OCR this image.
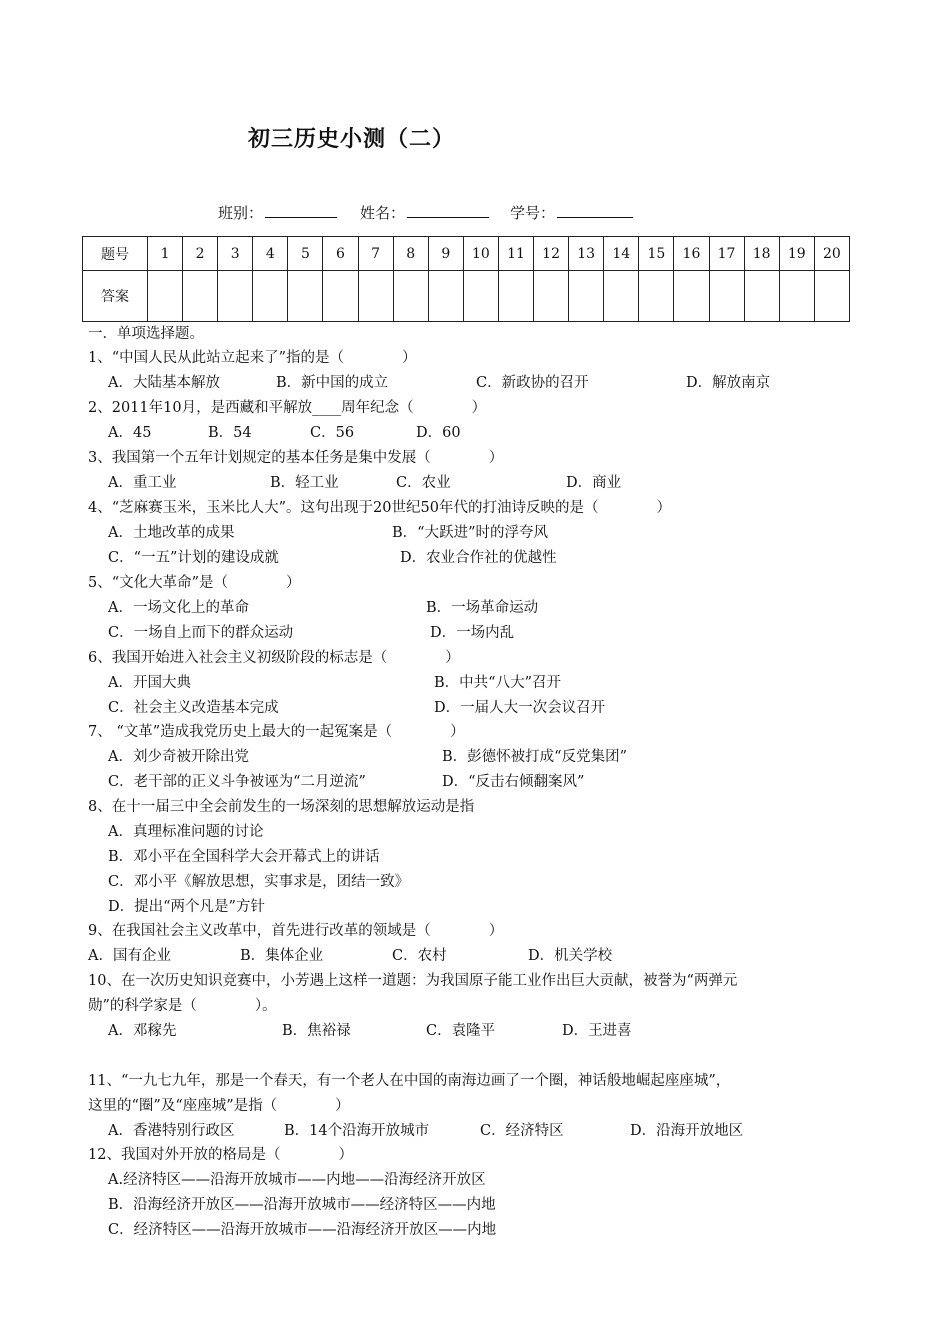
初三历史小测（二）
班别：	姓名：	学号：
题号	1	2	3	4	5	6	7	8	9	10	11	12	13	14	15	16	17	18	19	20
答案																				
一．单项选择题。
1、“中国人民从此站立起来了”指的是（　　　　）
A．大陆基本解放	B．新中国的成立	C．新政协的召开	D．解放南京
2、2011年10月，是西藏和平解放____周年纪念（　　　　）
A．45	B．54	C．56	D．60
3、我国第一个五年计划规定的基本任务是集中发展（　　　　）
A．重工业	B．轻工业	C．农业	D．商业
4、“芝麻赛玉米，玉米比人大”。这句出现于20世纪50年代的打油诗反映的是（　　　　）
A．土地改革的成果	B．“大跃进”时的浮夸风
C．“一五”计划的建设成就	D．农业合作社的优越性
5、“文化大革命”是（　　　　）
A．一场文化上的革命	B．一场革命运动
C．一场自上而下的群众运动	D．一场内乱
6、我国开始进入社会主义初级阶段的标志是（　　　　）
A．开国大典	B．中共“八大”召开
C．社会主义改造基本完成	D．一届人大一次会议召开
7、 “文革”造成我党历史上最大的一起冤案是（　　　　）
A．刘少奇被开除出党	B．彭德怀被打成“反党集团”
C．老干部的正义斗争被诬为“二月逆流”	D．“反击右倾翻案风”
8、在十一届三中全会前发生的一场深刻的思想解放运动是指
A．真理标准问题的讨论
B．邓小平在全国科学大会开幕式上的讲话
C．邓小平《解放思想，实事求是，团结一致》
D．提出“两个凡是”方针
9、在我国社会主义改革中，首先进行改革的领域是（　　　　）
A．国有企业	B．集体企业	C．农村	D．机关学校
10、在一次历史知识竞赛中，小芳遇上这样一道题：为我国原子能工业作出巨大贡献，被誉为“两弹元
勋”的科学家是（　　　　）。
A．邓稼先	B．焦裕禄	C．袁隆平	D．王进喜
11、“一九七九年，那是一个春天，有一个老人在中国的南海边画了一个圈，神话般地崛起座座城”，
这里的“圈”及“座座城”是指（　　　　）
A．香港特别行政区	B．14个沿海开放城市	C．经济特区	D．沿海开放地区
12、我国对外开放的格局是（　　　　）
A.经济特区——沿海开放城市——内地——沿海经济开放区
B．沿海经济开放区——沿海开放城市——经济特区——内地
C．经济特区——沿海开放城市——沿海经济开放区——内地
